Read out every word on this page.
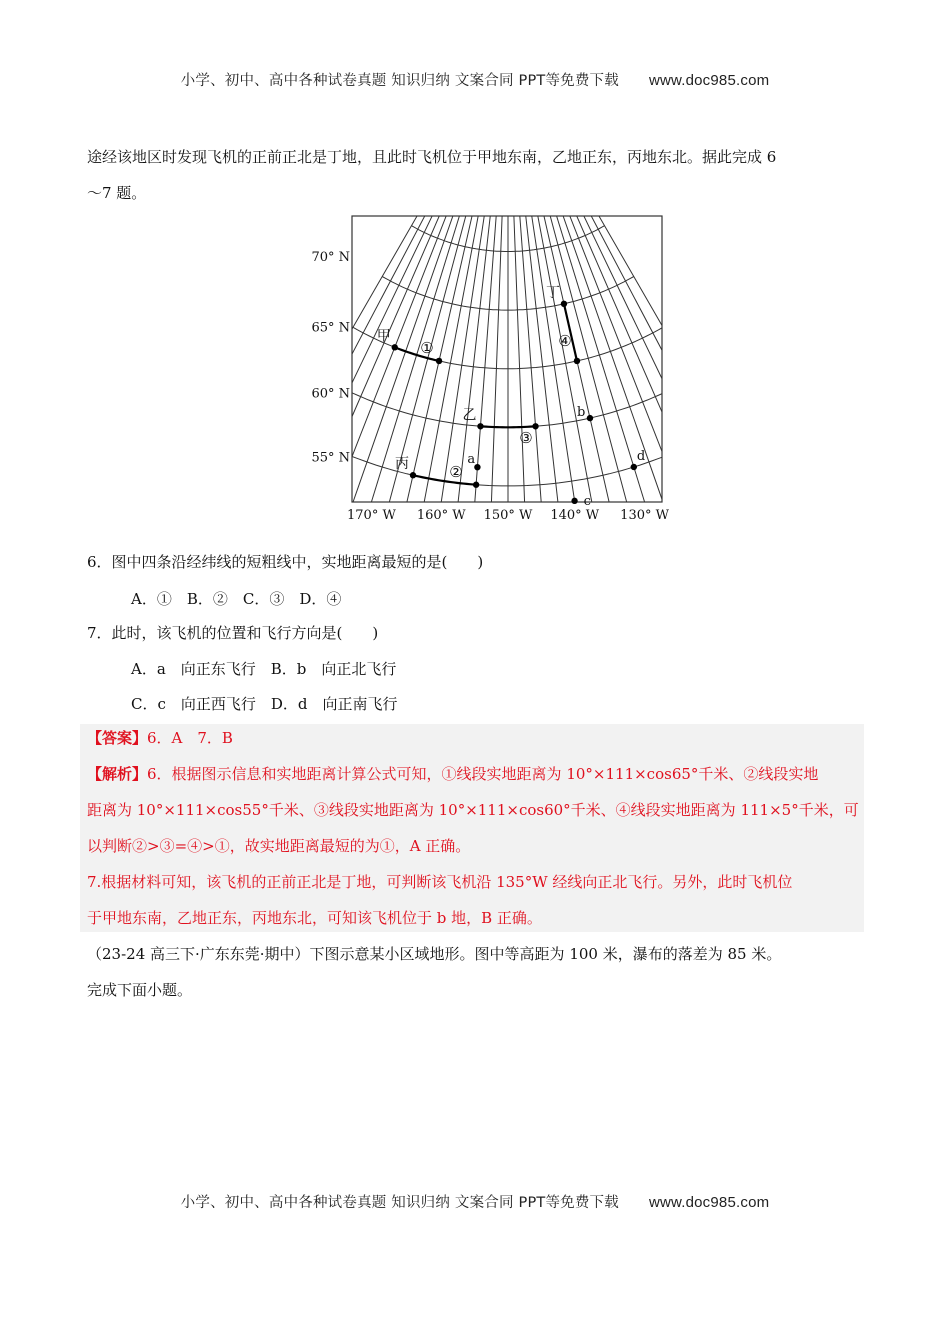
小学、初中、高中各种试卷真题 知识归纳 文案合同 PPT等免费下载 www.doc985.com
途经该地区时发现飞机的正前正北是丁地，且此时飞机位于甲地东南，乙地正东，丙地东北。据此完成 6
～7 题。
70° N
65° N
60° N
55° N
170° W 160° W 150° W 140° W 130° W
甲
丙
乙
丁
①
②
③
④
a
b
c
d
6．图中四条沿经纬线的短粗线中，实地距离最短的是(　　)
A．①　B．②　C．③　D．④
7．此时，该飞机的位置和飞行方向是(　　)
A．a　向正东飞行　B．b　向正北飞行
C．c　向正西飞行　D．d　向正南飞行
【答案】6．A　7．B
【解析】6．根据图示信息和实地距离计算公式可知，①线段实地距离为 10°×111×cos65°千米、②线段实地
距离为 10°×111×cos55°千米、③线段实地距离为 10°×111×cos60°千米、④线段实地距离为 111×5°千米，可
以判断②>③=④>①，故实地距离最短的为①，A 正确。
7.根据材料可知，该飞机的正前正北是丁地，可判断该飞机沿 135°W 经线向正北飞行。另外，此时飞机位
于甲地东南，乙地正东，丙地东北，可知该飞机位于 b 地，B 正确。
（23-24 高三下·广东东莞·期中）下图示意某小区域地形。图中等高距为 100 米，瀑布的落差为 85 米。
完成下面小题。
小学、初中、高中各种试卷真题 知识归纳 文案合同 PPT等免费下载 www.doc985.com
